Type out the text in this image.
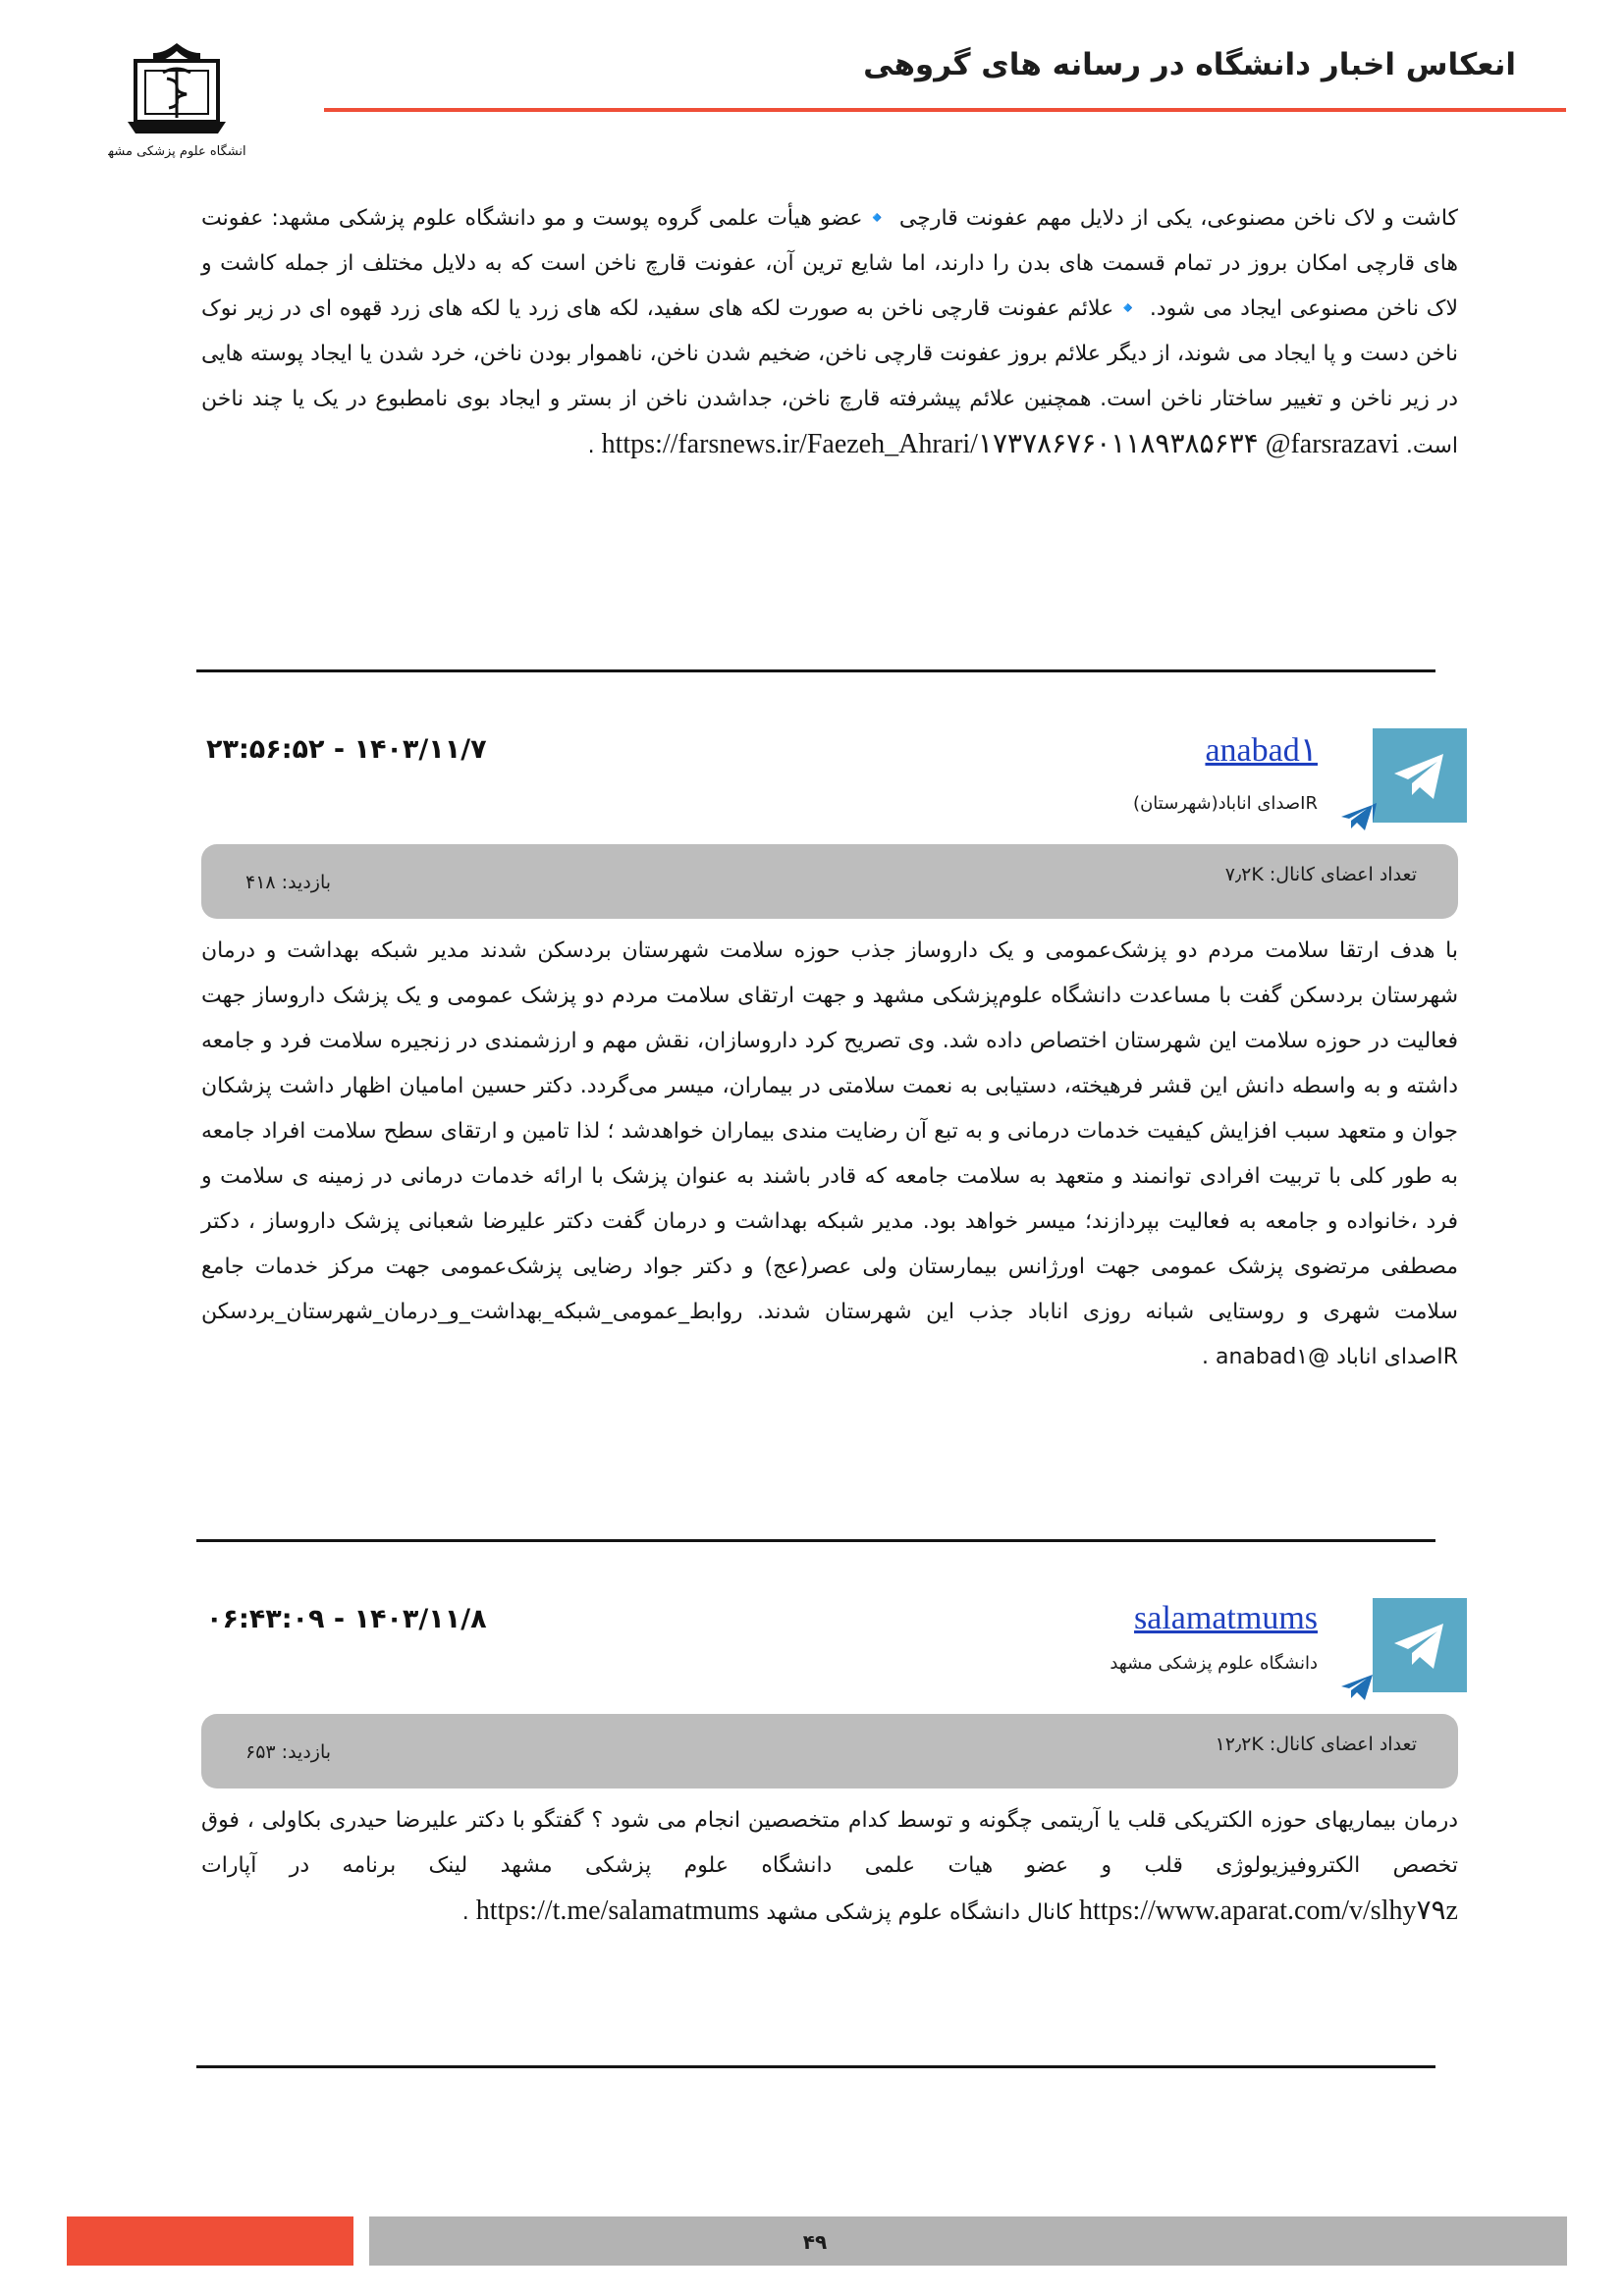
دانشگاه علوم پزشکی مشهد
انعکاس اخبار دانشگاه در رسانه های گروهی
کاشت و لاک ناخن مصنوعی، یکی از دلایل مهم عفونت قارچی 🔹عضو هیأت علمی گروه پوست و مو دانشگاه علوم پزشکی مشهد: عفونت های قارچی امکان بروز در تمام قسمت های بدن را دارند، اما شایع ترین آن، عفونت قارچ ناخن است که به دلایل مختلف از جمله کاشت و لاک ناخن مصنوعی ایجاد می شود. 🔹علائم عفونت قارچی ناخن به صورت لکه های سفید، لکه های زرد یا لکه های زرد قهوه ای در زیر نوک ناخن دست و پا ایجاد می شوند، از دیگر علائم بروز عفونت قارچی ناخن، ضخیم شدن ناخن، ناهموار بودن ناخن، خرد شدن یا ایجاد پوسته هایی در زیر ناخن و تغییر ساختار ناخن است. همچنین علائم پیشرفته قارچ ناخن، جداشدن ناخن از بستر و ایجاد بوی نامطبوع در یک یا چند ناخن است. https://farsnews.ir/Faezeh_Ahrari/۱۷۳۷۸۶۷۶۰۱۱۸۹۳۸۵۶۳۴ @farsrazavi .
۲۳:۵۶:۵۲ - ۱۴۰۳/۱۱/۷	anabad۱
IRصدای اناباد(شهرستان)
تعداد اعضای کانال: ۷٫۲K
بازدید: ۴۱۸
با هدف ارتقا سلامت مردم دو پزشک‌عمومی و یک داروساز جذب حوزه سلامت شهرستان بردسکن شدند مدیر شبکه بهداشت و درمان شهرستان بردسکن گفت با مساعدت دانشگاه علوم‌پزشکی مشهد و جهت ارتقای سلامت مردم دو پزشک عمومی و یک پزشک داروساز جهت فعالیت در حوزه سلامت این شهرستان اختصاص داده شد. وی تصریح کرد داروسازان، نقش مهم و ارزشمندی در زنجیره سلامت فرد و جامعه داشته و به واسطه دانش این قشر فرهیخته، دستیابی به نعمت سلامتی در بیماران، میسر می‌گردد. دکتر حسین امامیان اظهار داشت پزشکان جوان و متعهد سبب افزایش کیفیت خدمات درمانی و به تبع آن رضایت مندی بیماران خواهدشد ؛ لذا تامین و ارتقای سطح سلامت افراد جامعه به طور کلی با تربیت افرادی توانمند و متعهد به سلامت جامعه که قادر باشند به عنوان پزشک با ارائه خدمات درمانی در زمینه ی سلامت و فرد ،خانواده و جامعه به فعالیت بپردازند؛ میسر خواهد بود. مدیر شبکه بهداشت و درمان گفت دکتر علیرضا شعبانی پزشک داروساز ، دکتر مصطفی مرتضوی پزشک عمومی جهت اورژانس بیمارستان ولی عصر(عج) و دکتر جواد رضایی پزشک‌عمومی جهت مرکز خدمات جامع سلامت شهری و روستایی شبانه روزی اناباد جذب این شهرستان شدند. روابط_عمومی_شبکه_بهداشت_و_درمان_شهرستان_بردسکن IRصدای اناباد @anabad۱ .
۰۶:۴۳:۰۹ - ۱۴۰۳/۱۱/۸	salamatmums
دانشگاه علوم پزشکی مشهد
تعداد اعضای کانال: ۱۲٫۲K
بازدید: ۶۵۳
درمان بیماریهای حوزه الکتریکی قلب یا آریتمی چگونه و توسط کدام متخصصین انجام می شود ؟ گفتگو با دکتر علیرضا حیدری بکاولی ، فوق تخصص الکتروفیزیولوژی قلب و عضو هیات علمی دانشگاه علوم پزشکی مشهد لینک برنامه در آپارات https://www.aparat.com/v/slhy۷۹z کانال دانشگاه علوم پزشکی مشهد https://t.me/salamatmums .
۴۹
